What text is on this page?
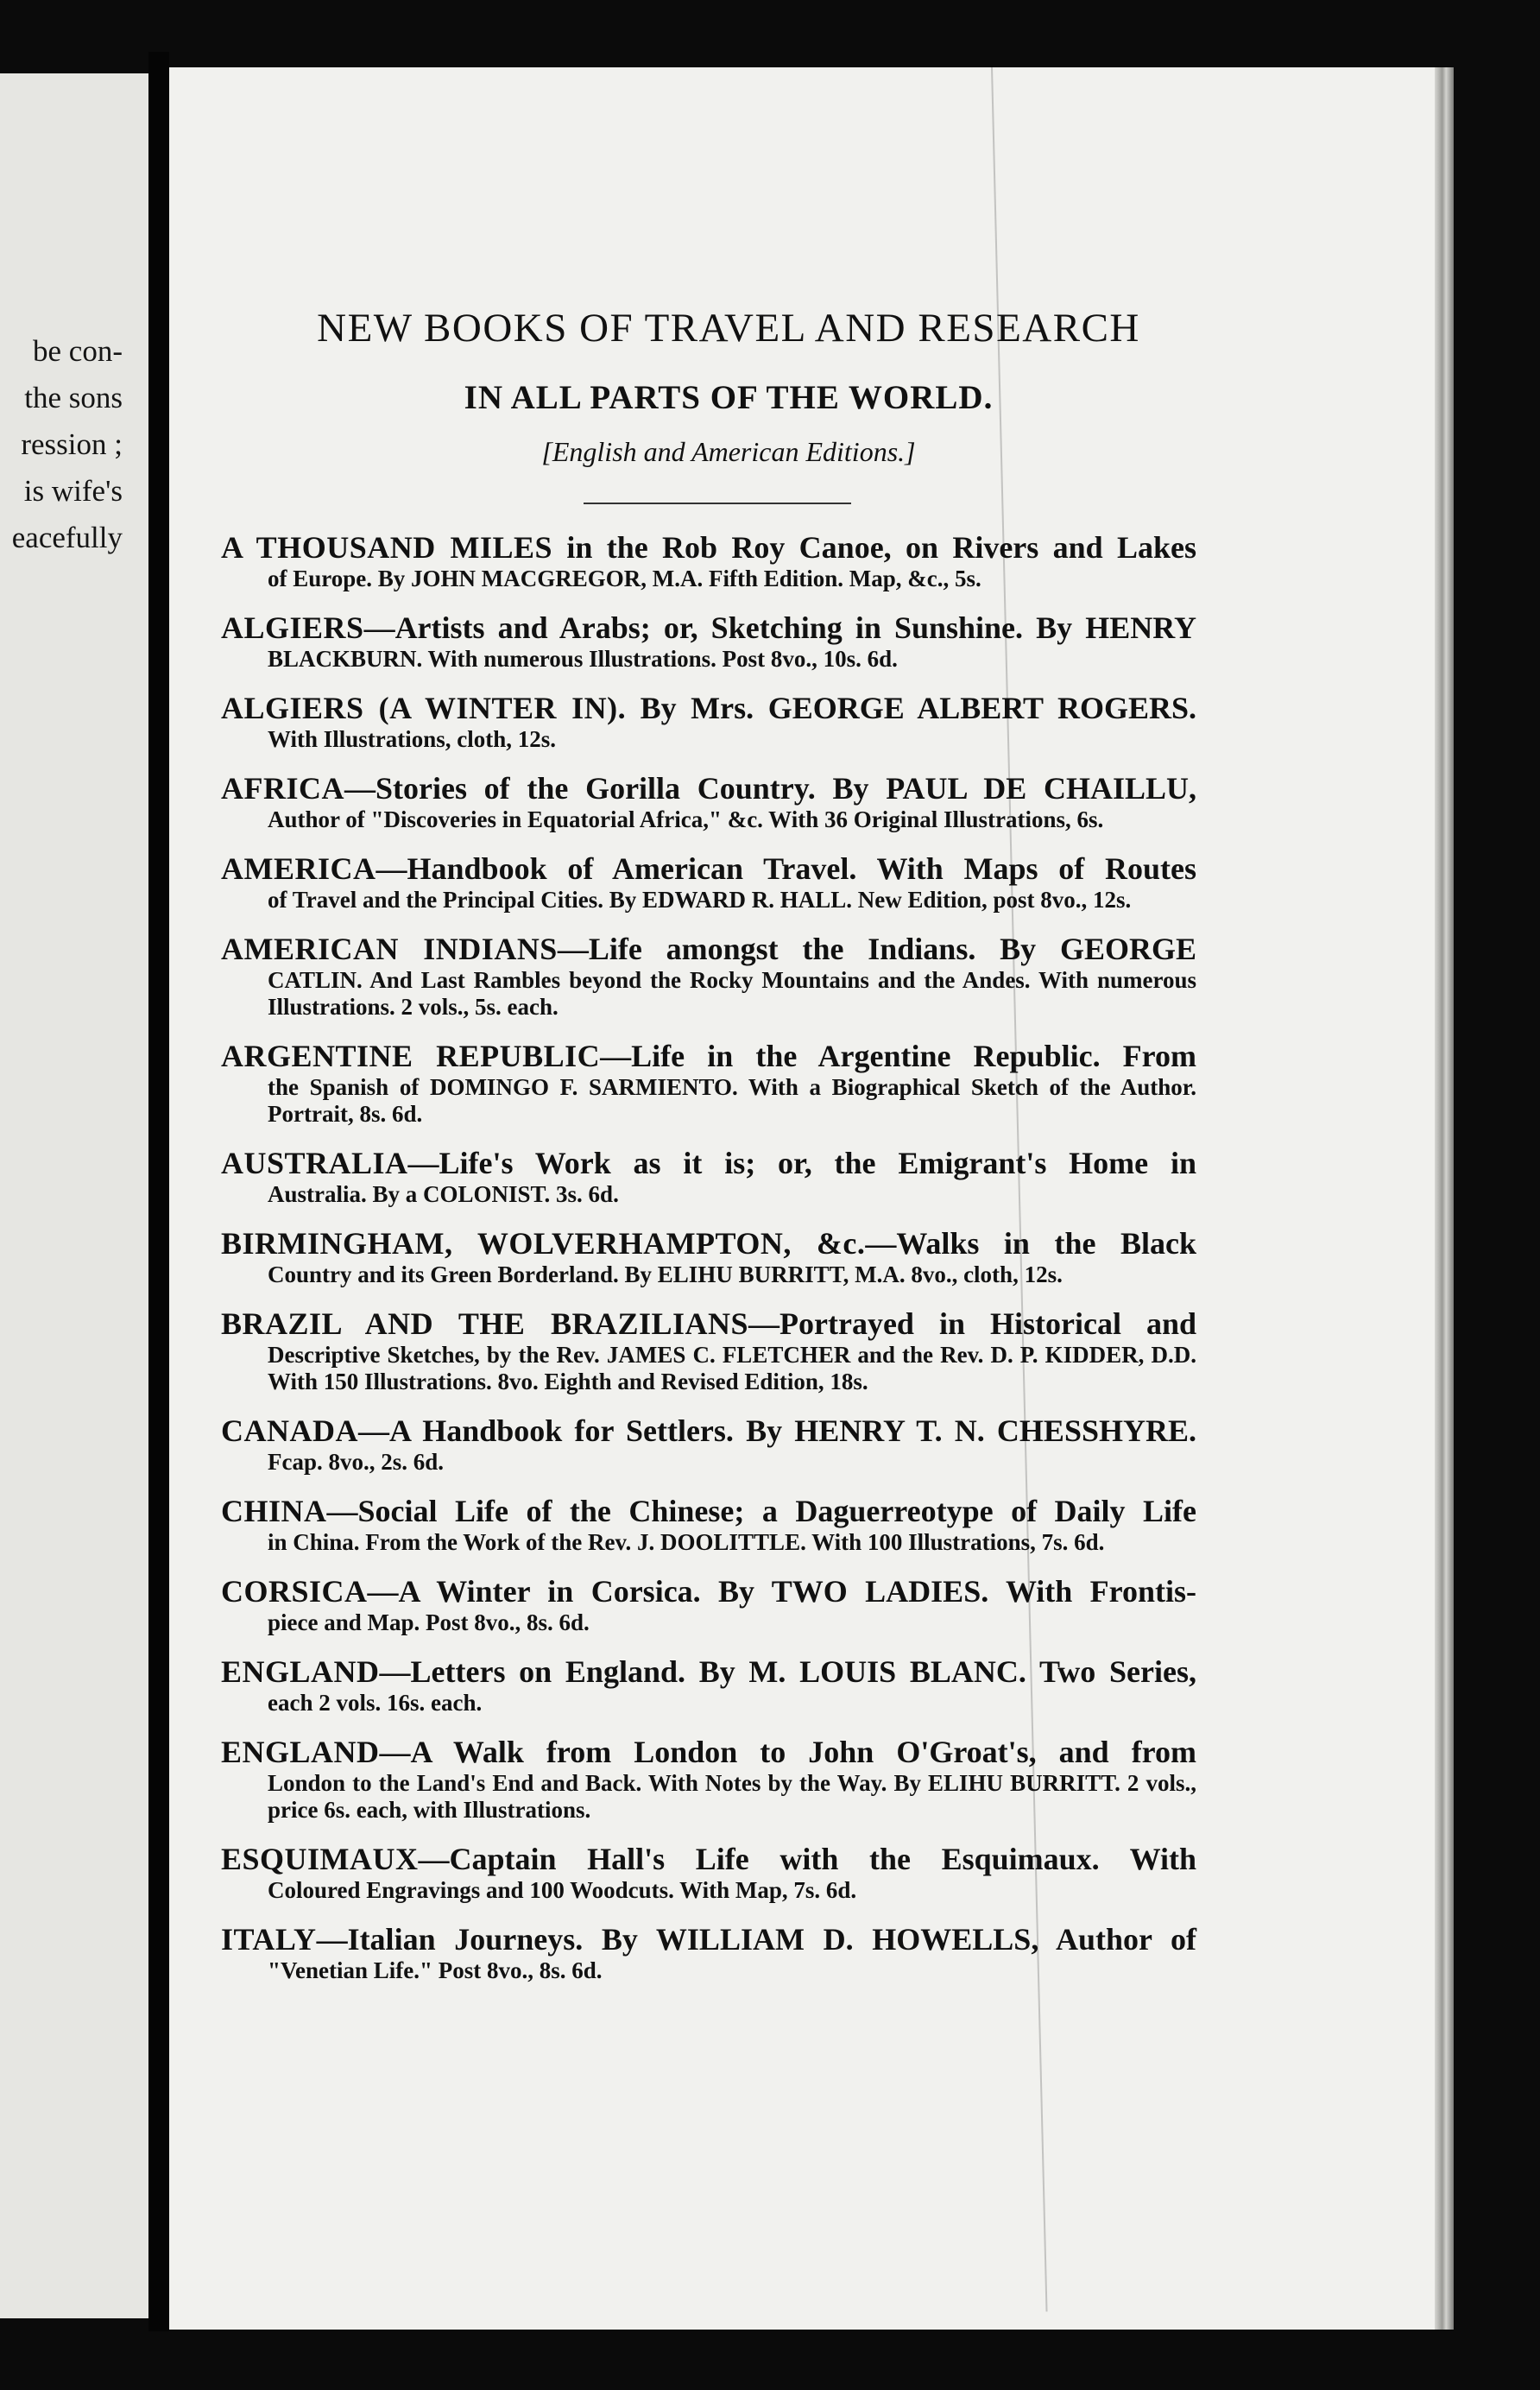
be con-
the sons
ression ;
is wife's
eacefully
NEW BOOKS OF TRAVEL AND RESEARCH
IN ALL PARTS OF THE WORLD.
[English and American Editions.]
A THOUSAND MILES in the Rob Roy Canoe, on Rivers and Lakes
of Europe. By JOHN MACGREGOR, M.A. Fifth Edition. Map, &c., 5s.
ALGIERS—Artists and Arabs; or, Sketching in Sunshine. By HENRY
BLACKBURN. With numerous Illustrations. Post 8vo., 10s. 6d.
ALGIERS (A WINTER IN). By Mrs. GEORGE ALBERT ROGERS.
With Illustrations, cloth, 12s.
AFRICA—Stories of the Gorilla Country. By PAUL DE CHAILLU,
Author of "Discoveries in Equatorial Africa," &c. With 36 Original Illustrations, 6s.
AMERICA—Handbook of American Travel. With Maps of Routes
of Travel and the Principal Cities. By EDWARD R. HALL. New Edition, post 8vo., 12s.
AMERICAN INDIANS—Life amongst the Indians. By GEORGE
CATLIN. And Last Rambles beyond the Rocky Mountains and the Andes. With numerous Illustrations. 2 vols., 5s. each.
ARGENTINE REPUBLIC—Life in the Argentine Republic. From
the Spanish of DOMINGO F. SARMIENTO. With a Biographical Sketch of the Author. Portrait, 8s. 6d.
AUSTRALIA—Life's Work as it is; or, the Emigrant's Home in
Australia. By a COLONIST. 3s. 6d.
BIRMINGHAM, WOLVERHAMPTON, &c.—Walks in the Black
Country and its Green Borderland. By ELIHU BURRITT, M.A. 8vo., cloth, 12s.
BRAZIL AND THE BRAZILIANS—Portrayed in Historical and
Descriptive Sketches, by the Rev. JAMES C. FLETCHER and the Rev. D. P. KIDDER, D.D. With 150 Illustrations. 8vo. Eighth and Revised Edition, 18s.
CANADA—A Handbook for Settlers. By HENRY T. N. CHESSHYRE.
Fcap. 8vo., 2s. 6d.
CHINA—Social Life of the Chinese; a Daguerreotype of Daily Life
in China. From the Work of the Rev. J. DOOLITTLE. With 100 Illustrations, 7s. 6d.
CORSICA—A Winter in Corsica. By TWO LADIES. With Frontis-
piece and Map. Post 8vo., 8s. 6d.
ENGLAND—Letters on England. By M. LOUIS BLANC. Two Series,
each 2 vols. 16s. each.
ENGLAND—A Walk from London to John O'Groat's, and from
London to the Land's End and Back. With Notes by the Way. By ELIHU BURRITT. 2 vols., price 6s. each, with Illustrations.
ESQUIMAUX—Captain Hall's Life with the Esquimaux. With
Coloured Engravings and 100 Woodcuts. With Map, 7s. 6d.
ITALY—Italian Journeys. By WILLIAM D. HOWELLS, Author of
"Venetian Life." Post 8vo., 8s. 6d.
